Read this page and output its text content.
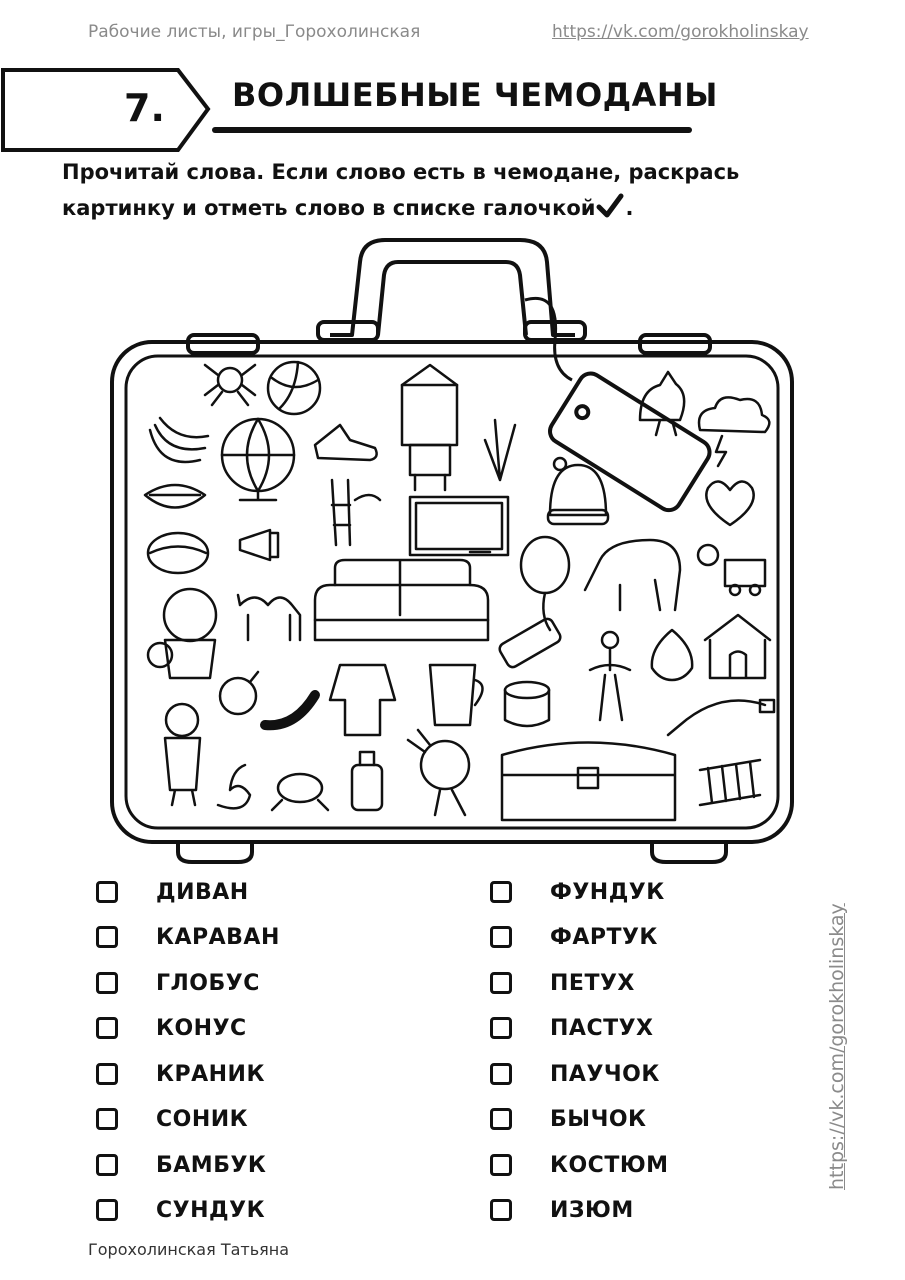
Рабочие листы, игры_Горохолинская	https://vk.com/gorokholinskay
7. ВОЛШЕБНЫЕ ЧЕМОДАНЫ
Прочитай слова. Если слово есть в чемодане, раскрась
картинку и отметь слово в списке галочкой .
ДИВАН
КАРАВАН
ГЛОБУС
КОНУС
КРАНИК
СОНИК
БАМБУК
СУНДУК
ФУНДУК
ФАРТУК
ПЕТУХ
ПАСТУХ
ПАУЧОК
БЫЧОК
КОСТЮМ
ИЗЮМ
https://vk.com/gorokholinskay
Горохолинская Татьяна
